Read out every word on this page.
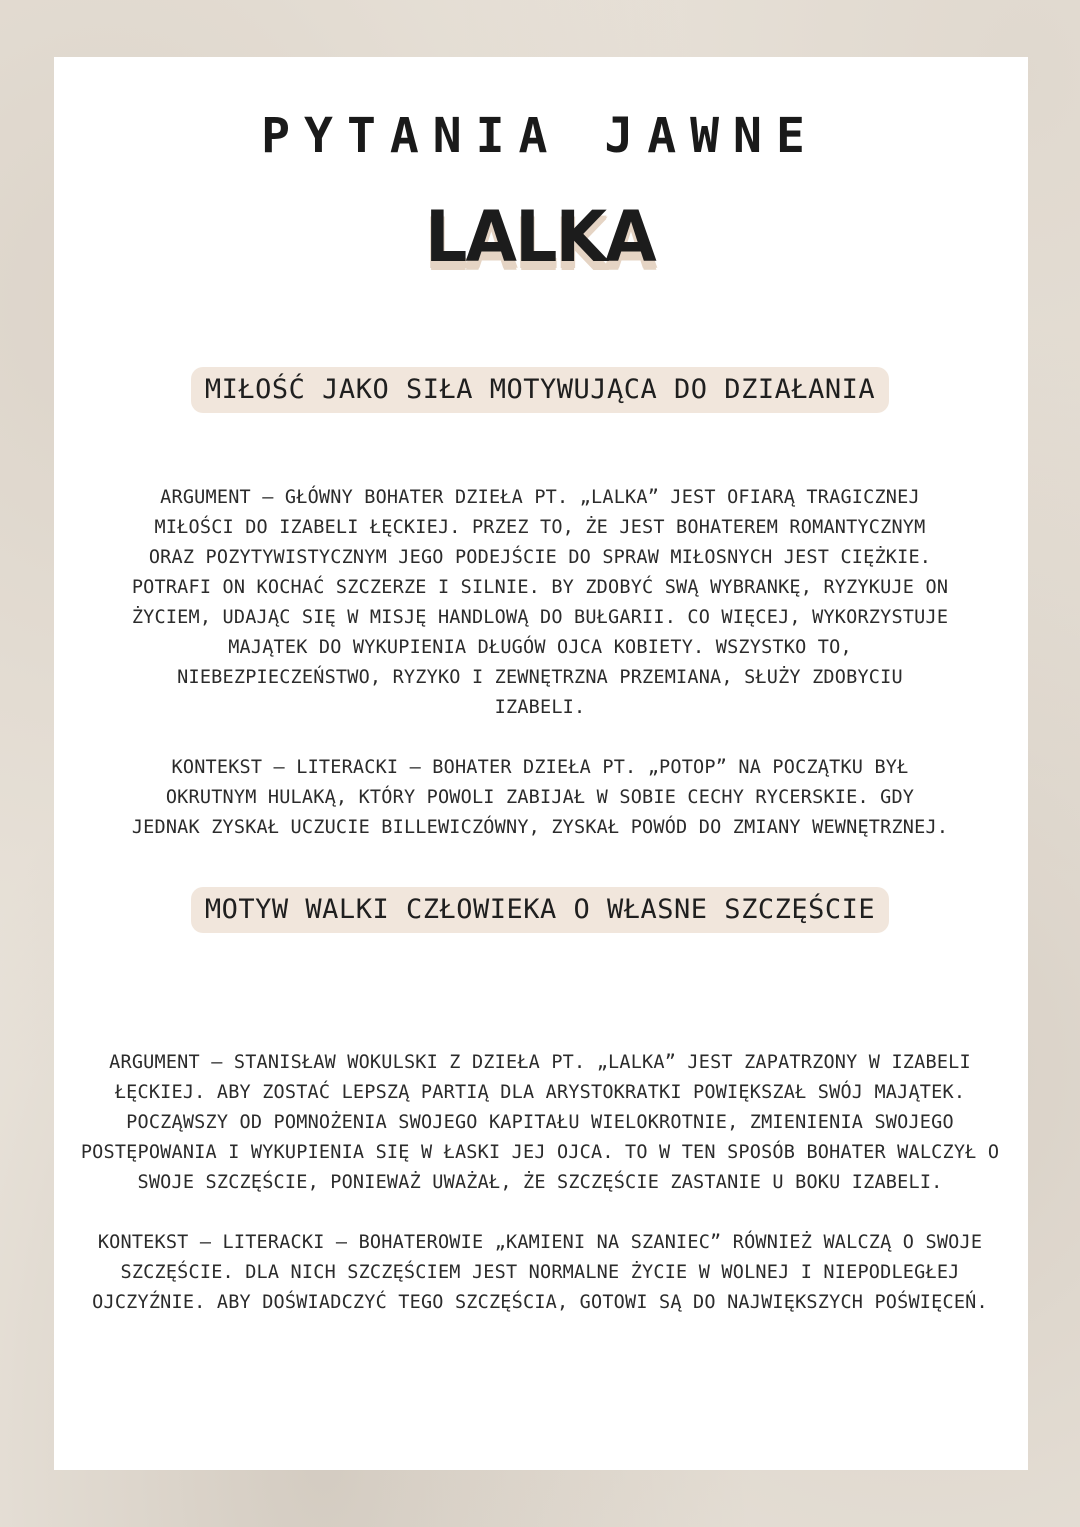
PYTANIA JAWNE
LALKA
MIŁOŚĆ JAKO SIŁA MOTYWUJĄCA DO DZIAŁANIA

ARGUMENT – GŁÓWNY BOHATER DZIEŁA PT. „LALKA” JEST OFIARĄ TRAGICZNEJ
MIŁOŚCI DO IZABELI ŁĘCKIEJ. PRZEZ TO, ŻE JEST BOHATEREM ROMANTYCZNYM
ORAZ POZYTYWISTYCZNYM JEGO PODEJŚCIE DO SPRAW MIŁOSNYCH JEST CIĘŻKIE.
POTRAFI ON KOCHAĆ SZCZERZE I SILNIE. BY ZDOBYĆ SWĄ WYBRANKĘ, RYZYKUJE ON
ŻYCIEM, UDAJĄC SIĘ W MISJĘ HANDLOWĄ DO BUŁGARII. CO WIĘCEJ, WYKORZYSTUJE
MAJĄTEK DO WYKUPIENIA DŁUGÓW OJCA KOBIETY. WSZYSTKO TO,
NIEBEZPIECZEŃSTWO, RYZYKO I ZEWNĘTRZNA PRZEMIANA, SŁUŻY ZDOBYCIU
IZABELI.

KONTEKST – LITERACKI – BOHATER DZIEŁA PT. „POTOP” NA POCZĄTKU BYŁ
OKRUTNYM HULAKĄ, KTÓRY POWOLI ZABIJAŁ W SOBIE CECHY RYCERSKIE. GDY
JEDNAK ZYSKAŁ UCZUCIE BILLEWICZÓWNY, ZYSKAŁ POWÓD DO ZMIANY WEWNĘTRZNEJ.

MOTYW WALKI CZŁOWIEKA O WŁASNE SZCZĘŚCIE

ARGUMENT – STANISŁAW WOKULSKI Z DZIEŁA PT. „LALKA” JEST ZAPATRZONY W IZABELI
ŁĘCKIEJ. ABY ZOSTAĆ LEPSZĄ PARTIĄ DLA ARYSTOKRATKI POWIĘKSZAŁ SWÓJ MAJĄTEK.
POCZĄWSZY OD POMNOŻENIA SWOJEGO KAPITAŁU WIELOKROTNIE, ZMIENIENIA SWOJEGO
POSTĘPOWANIA I WYKUPIENIA SIĘ W ŁASKI JEJ OJCA. TO W TEN SPOSÓB BOHATER WALCZYŁ O
SWOJE SZCZĘŚCIE, PONIEWAŻ UWAŻAŁ, ŻE SZCZĘŚCIE ZASTANIE U BOKU IZABELI.

KONTEKST – LITERACKI – BOHATEROWIE „KAMIENI NA SZANIEC” RÓWNIEŻ WALCZĄ O SWOJE
SZCZĘŚCIE. DLA NICH SZCZĘŚCIEM JEST NORMALNE ŻYCIE W WOLNEJ I NIEPODLEGŁEJ
OJCZYŹNIE. ABY DOŚWIADCZYĆ TEGO SZCZĘŚCIA, GOTOWI SĄ DO NAJWIĘKSZYCH POŚWIĘCEŃ.
